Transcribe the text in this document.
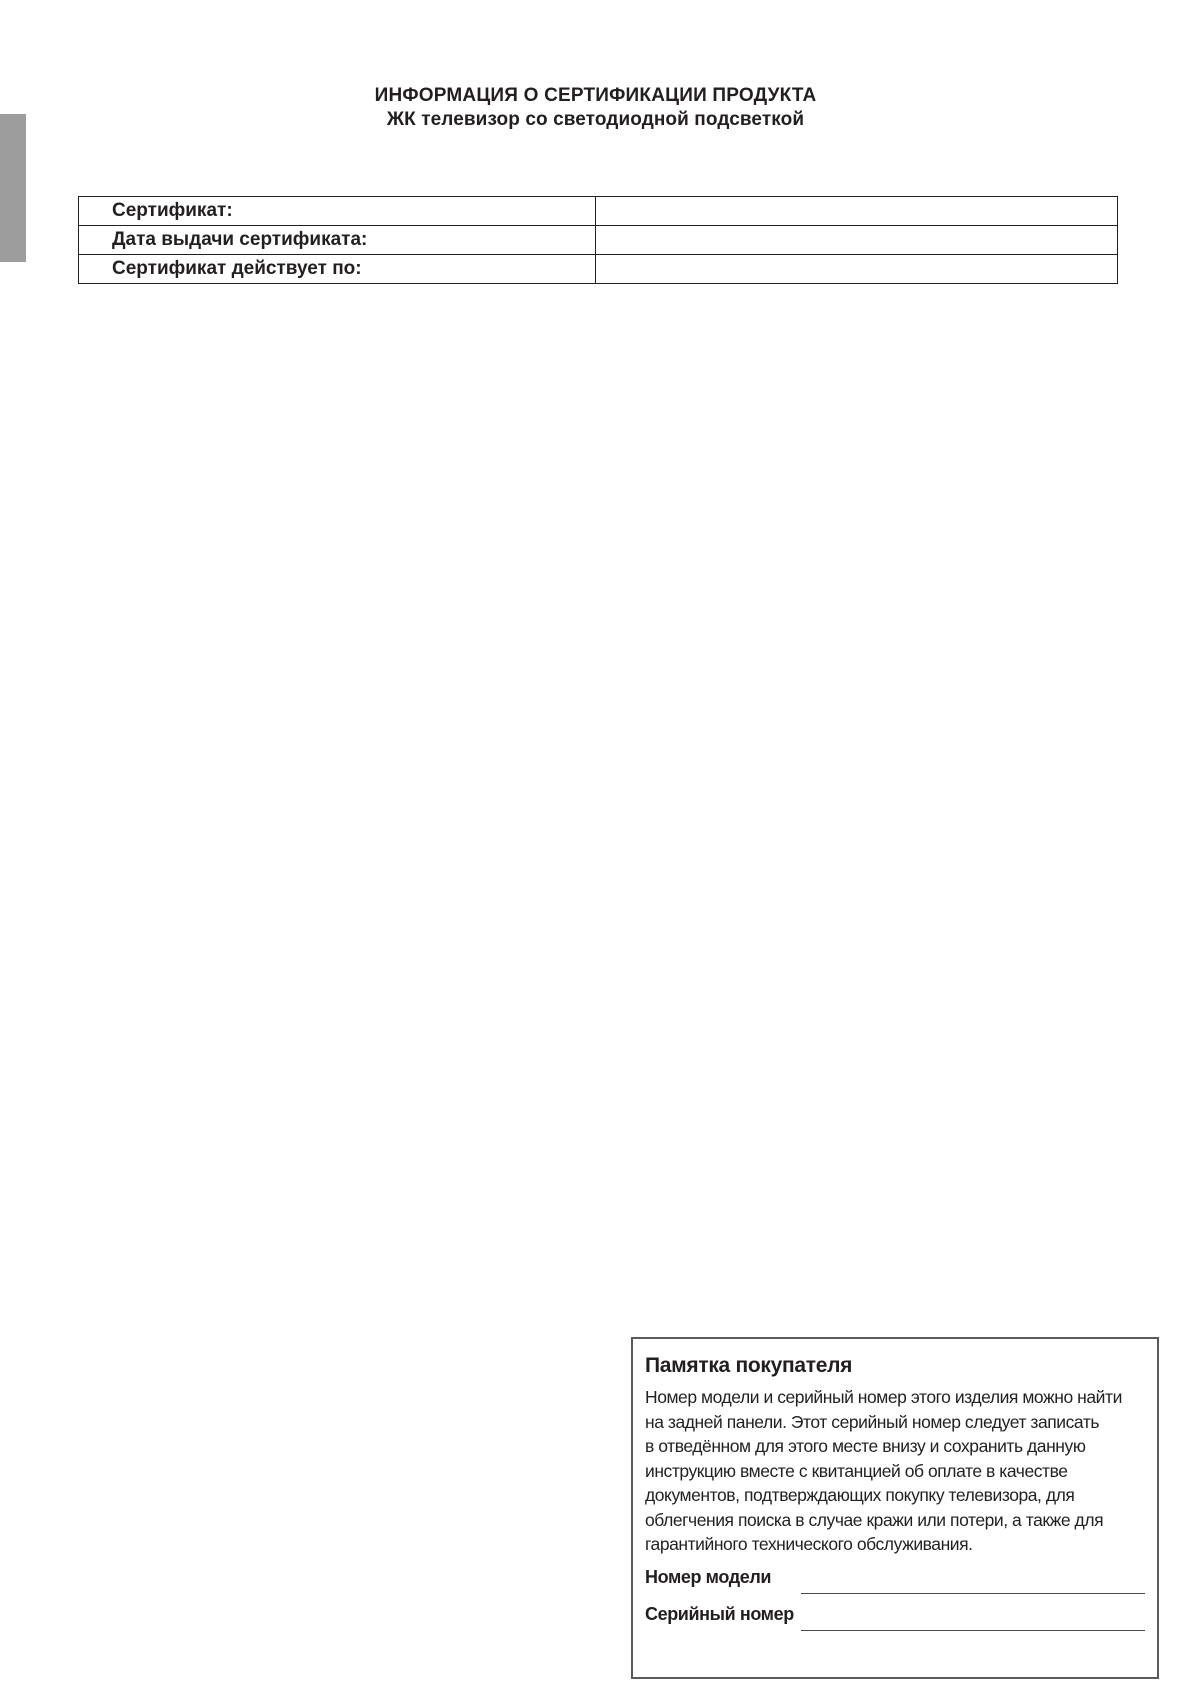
ИНФОРМАЦИЯ О СЕРТИФИКАЦИИ ПРОДУКТА
ЖК телевизор со светодиодной подсветкой
Сертификат:	
Дата выдачи сертификата:	
Сертификат действует по:	
Памятка покупателя
Номер модели и серийный номер этого изделия можно найти
на задней панели. Этот серийный номер следует записать
в отведённом для этого месте внизу и сохранить данную
инструкцию вместе с квитанцией об оплате в качестве
документов, подтверждающих покупку телевизора, для
облегчения поиска в случае кражи или потери, а также для
гарантийного технического обслуживания.
Номер модели
Серийный номер
